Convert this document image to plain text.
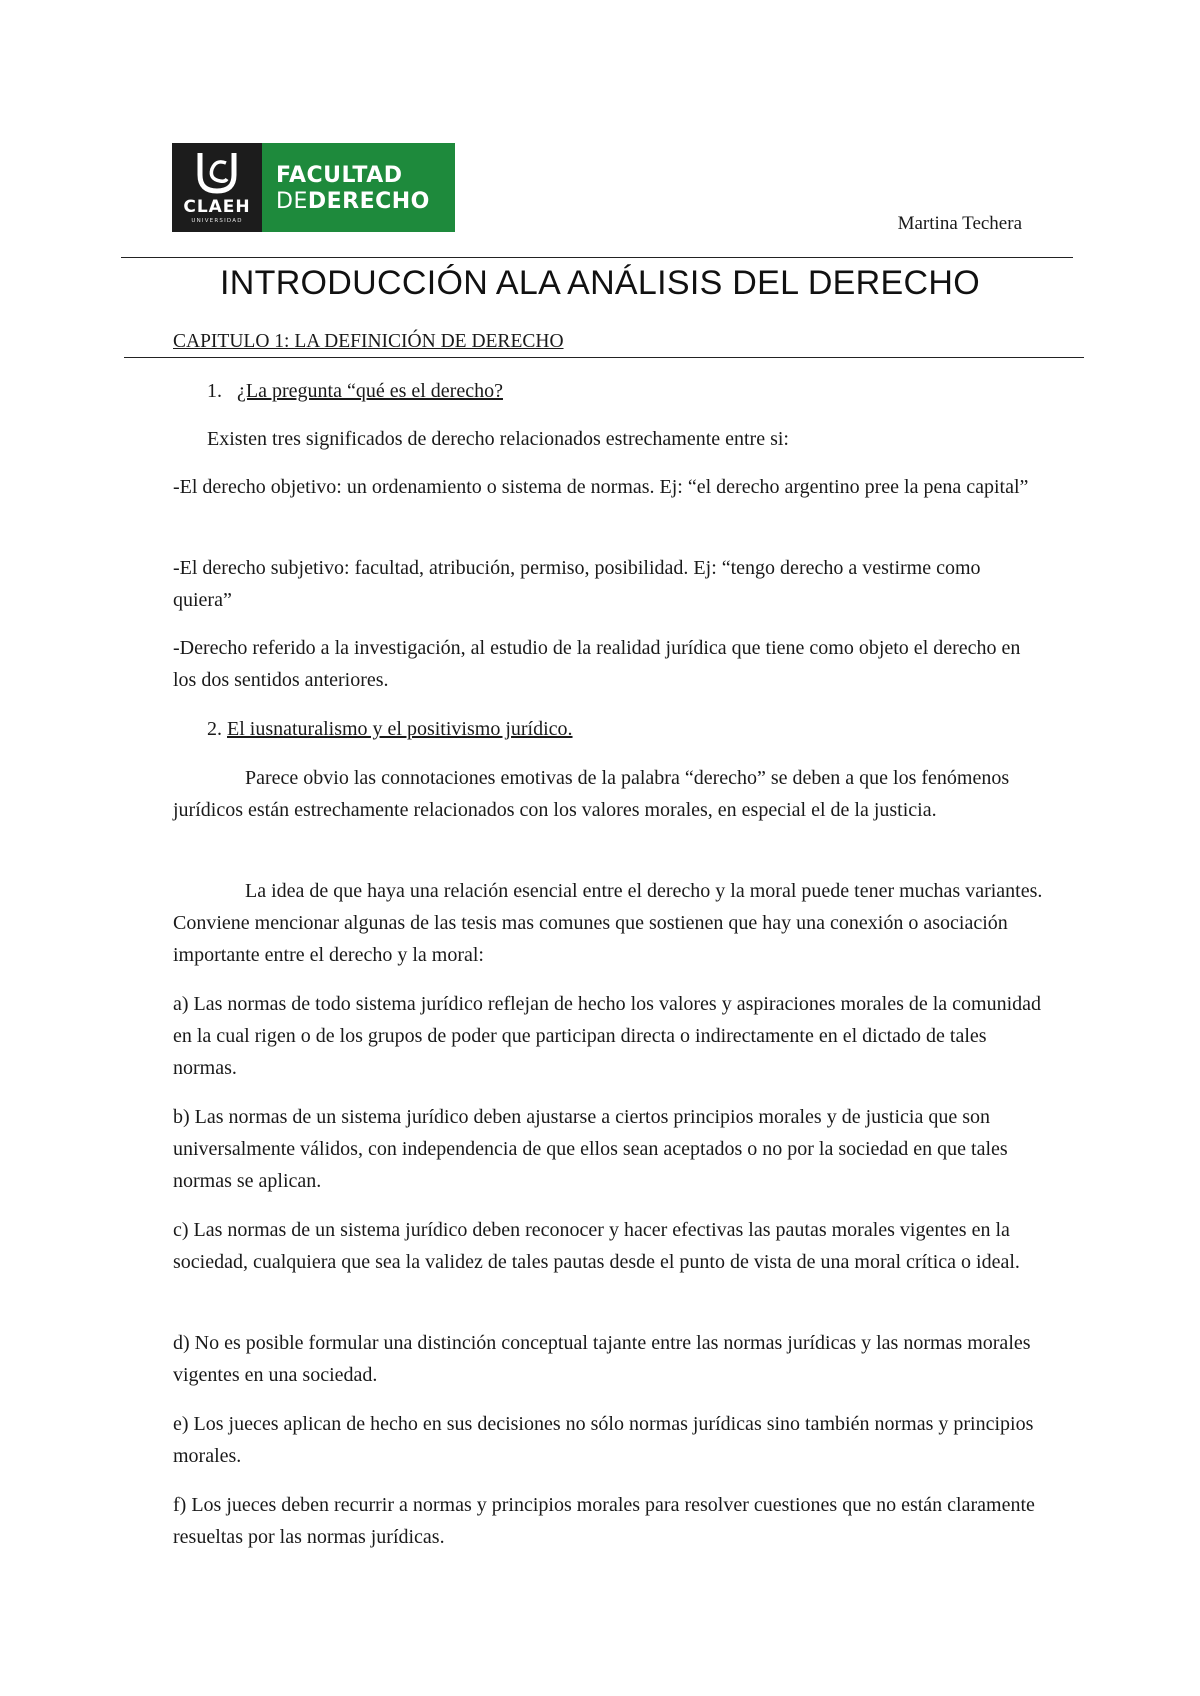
CLAEH
UNIVERSIDAD
FACULTAD
DEDERECHO
Martina Techera
INTRODUCCIÓN ALA ANÁLISIS DEL DERECHO
CAPITULO 1: LA DEFINICIÓN DE DERECHO

1. ¿La pregunta “qué es el derecho?

Existen tres significados de derecho relacionados estrechamente entre si:

-El derecho objetivo: un ordenamiento o sistema de normas. Ej: “el derecho argentino pree la pena capital”

-El derecho subjetivo: facultad, atribución, permiso, posibilidad. Ej: “tengo derecho a vestirme como quiera”

-Derecho referido a la investigación, al estudio de la realidad jurídica que tiene como objeto el derecho en los dos sentidos anteriores.

2. El iusnaturalismo y el positivismo jurídico.

Parece obvio las connotaciones emotivas de la palabra “derecho” se deben a que los fenómenos jurídicos están estrechamente relacionados con los valores morales, en especial el de la justicia.

La idea de que haya una relación esencial entre el derecho y la moral puede tener muchas variantes. Conviene mencionar algunas de las tesis mas comunes que sostienen que hay una conexión o asociación importante entre el derecho y la moral:

a) Las normas de todo sistema jurídico reflejan de hecho los valores y aspiraciones morales de la comunidad en la cual rigen o de los grupos de poder que participan directa o indirectamente en el dictado de tales normas.

b) Las normas de un sistema jurídico deben ajustarse a ciertos principios morales y de justicia que son universalmente válidos, con independencia de que ellos sean aceptados o no por la sociedad en que tales normas se aplican.

c) Las normas de un sistema jurídico deben reconocer y hacer efectivas las pautas morales vigentes en la sociedad, cualquiera que sea la validez de tales pautas desde el punto de vista de una moral crítica o ideal.

d) No es posible formular una distinción conceptual tajante entre las normas jurídicas y las normas morales vigentes en una sociedad.

e) Los jueces aplican de hecho en sus decisiones no sólo normas jurídicas sino también normas y principios morales.

f) Los jueces deben recurrir a normas y principios morales para resolver cuestiones que no están claramente resueltas por las normas jurídicas.
